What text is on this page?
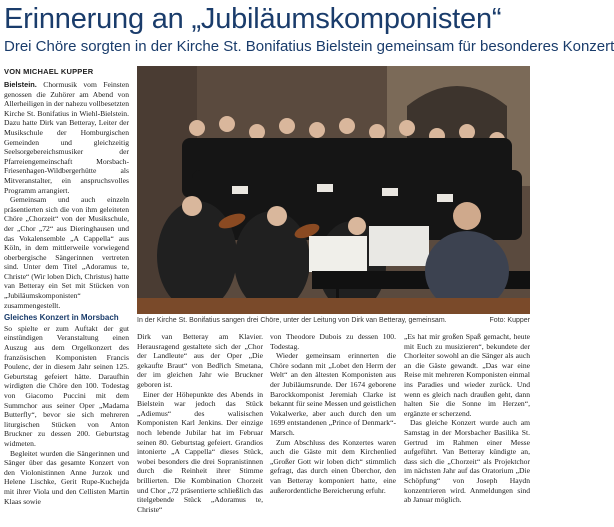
Erinnerung an „Jubiläumskomponisten“
Drei Chöre sorgten in der Kirche St. Bonifatius Bielstein gemeinsam für besonderes Konzert
VON MICHAEL KUPPER

Bielstein. Chormusik vom Feinsten genossen die Zuhörer am Abend von Allerheiligen in der nahezu vollbesetzten Kirche St. Bonifatius in Wiehl-Bielstein. Dazu hatte Dirk van Betteray, Leiter der Musikschule der Homburgischen Gemeinden und gleichzeitig Seelsorgebereichsmusiker der Pfarreiengemeinschaft Morsbach-Friesenhagen-Wildbergerhütte als Mitveranstalter, ein anspruchsvolles Programm arrangiert.

Gemeinsam und auch einzeln präsentierten sich die von ihm geleiteten Chöre „Chorzeit“ von der Musikschule, der „Chor „72“ aus Dieringhausen und das Vokalensemble „A Cappella“ aus Köln, in dem mittlerweile vorwiegend oberbergische Sängerinnen vertreten sind. Unter dem Titel „Adoramus te, Christe“ (Wir loben Dich, Christus) hatte van Betteray ein Set mit Stücken von „Jubiläumskomponisten“ zusammengestellt.

Gleiches Konzert in Morsbach

So spielte er zum Auftakt der gut einstündigen Veranstaltung einen Auszug aus dem Orgelkonzert des französischen Komponisten Francis Poulenc, der in diesem Jahr seinen 125. Geburtstag gefeiert hätte. Daraufhin wirdigten die Chöre den 100. Todestag von Giacomo Puccini mit dem Summchor aus seiner Oper „Madama Butterfly“, bevor sie sich mehreren liturgischen Stücken von Anton Bruckner zu dessen 200. Geburtstag widmeten.

Begleitet wurden die Sängerinnen und Sänger über das gesamte Konzert von den Violonistinnen Anne Jurzok und Helene Lischke, Gerit Rupe-Kuchejda mit ihrer Viola und den Cellisten Martin Klaas sowie

In der Kirche St. Bonifatius sangen drei Chöre, unter der Leitung von Dirk van Betteray, gemeinsam.	Foto: Kupper

Dirk van Betteray am Klavier. Herausragend gestaltete sich der „Chor der Landleute“ aus der Oper „Die gekaufte Braut“ von Bedřich Smetana, der im gleichen Jahr wie Bruckner geboren ist.

Einer der Höhepunkte des Abends in Bielstein war jedoch das Stück „Adiemus“ des walisischen Komponisten Karl Jenkins. Der einzige noch lebende Jubilar hat im Februar seinen 80. Geburtstag gefeiert. Grandios intonierte „A Cappella“ dieses Stück, wobei besonders die drei Sopranistinnen durch die Reinheit ihrer Stimme brillierten. Die Kombination Chorzeit und Chor „72 präsentierte schließlich das titelgebende Stück „Adoramus te, Christe“

von Theodore Dubois zu dessen 100. Todestag.

Wieder gemeinsam erinnerten die Chöre sodann mit „Lobet den Herrn der Welt“ an den ältesten Komponisten aus der Jubiläumsrunde. Der 1674 geborene Barockkomponist Jeremiah Clarke ist bekannt für seine Messen und geistlichen Vokalwerke, aber auch durch den um 1699 entstandenen „Prince of Denmark“-Marsch.

Zum Abschluss des Konzertes waren auch die Gäste mit dem Kirchenlied „Großer Gott wir loben dich“ stimmlich gefragt, das durch einen Überchor, den van Betteray komponiert hatte, eine außerordentliche Bereicherung erfuhr.

„Es hat mir großen Spaß gemacht, heute mit Euch zu musizieren“, bekundete der Chorleiter sowohl an die Sänger als auch an die Gäste gewandt. „Das war eine Reise mit mehreren Komponisten einmal ins Paradies und wieder zurück. Und wenn es gleich nach draußen geht, dann halten Sie die Sonne im Herzen“, ergänzte er scherzend.

Das gleiche Konzert wurde auch am Samstag in der Morsbacher Basilika St. Gertrud im Rahmen einer Messe aufgeführt. Van Betteray kündigte an, dass sich die „Chorzeit“ als Projektchor im nächsten Jahr auf das Oratorium „Die Schöpfung“ von Joseph Haydn konzentrieren wird. Anmeldungen sind ab Januar möglich.
